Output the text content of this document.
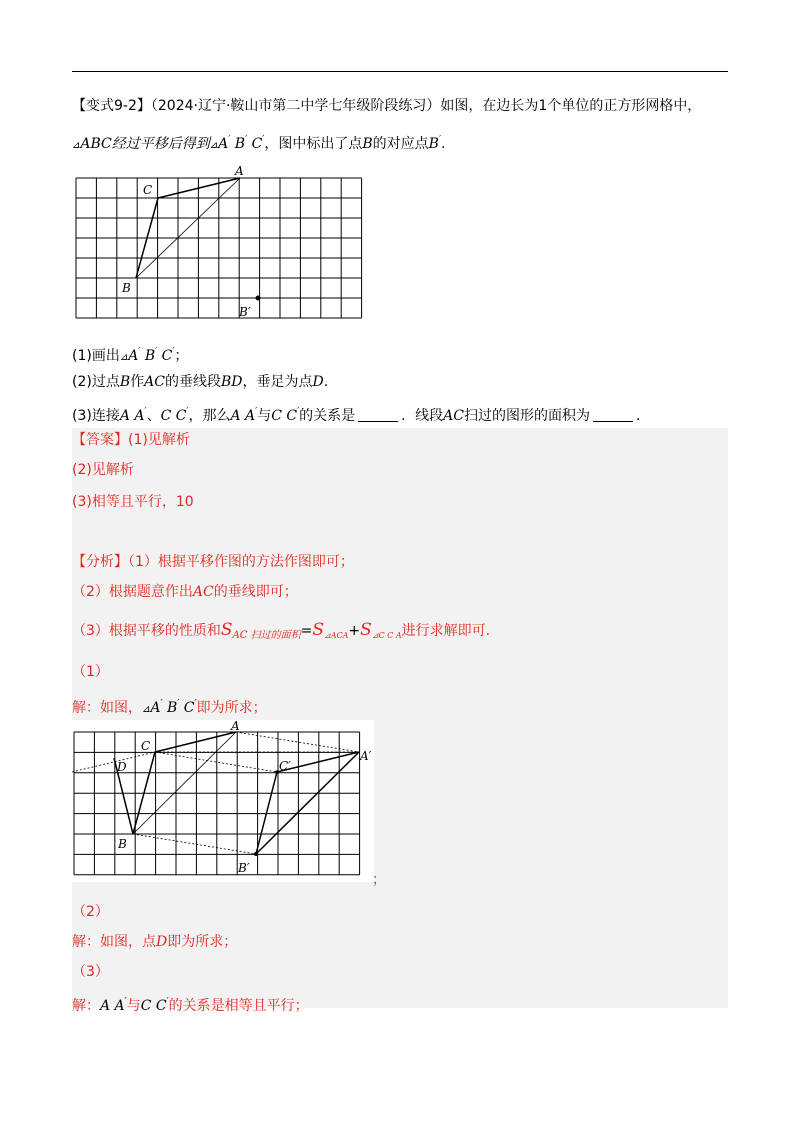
【变式9-2】（2024·辽宁·鞍山市第二中学七年级阶段练习）如图，在边长为1个单位的正方形网格中，
⊿ABC经过平移后得到⊿A′ B′ C′，图中标出了点B的对应点B′.
A
C
B
B′
(1)画出⊿A′ B′ C′；
(2)过点B作AC的垂线段BD，垂足为点D.
(3)连接A A′、C C′，那么A A′与C C′的关系是	．线段AC扫过的图形的面积为	.
【答案】(1)见解析
(2)见解析
(3)相等且平行，10
【分析】（1）根据平移作图的方法作图即可；
（2）根据题意作出AC的垂线即可；
（3）根据平移的性质和$S_{AC 扫过的面积}=S_{⊿ACA}+S_{⊿C C A}$进行求解即可.
（1）
解：如图，⊿A′ B′ C′即为所求；
A
C
D
B
C′
A′
B′
；
（2）
解：如图，点D即为所求；
（3）
解：A A′与C C′的关系是相等且平行；
